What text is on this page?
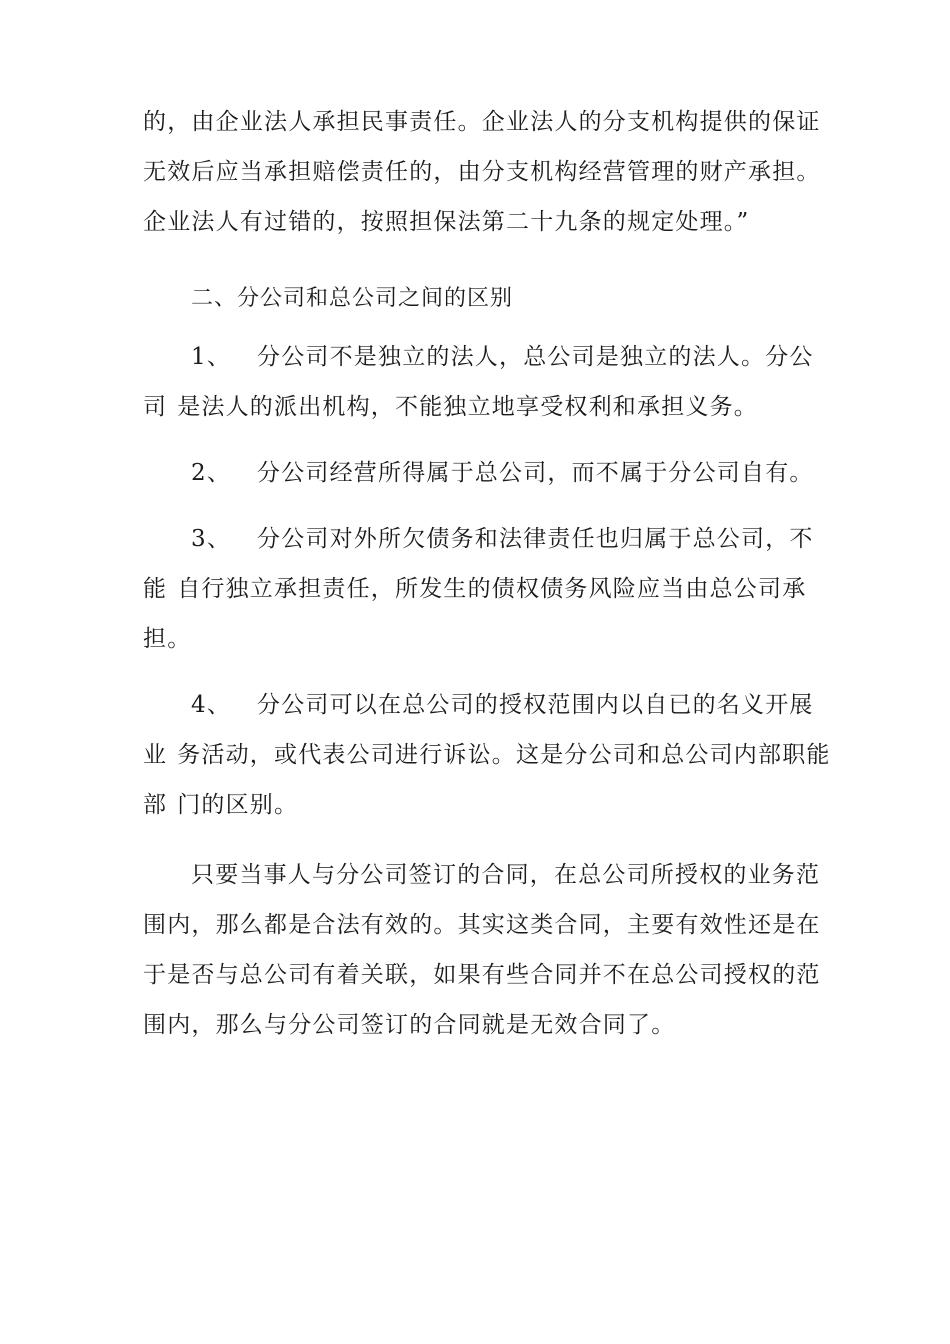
的，由企业法人承担民事责任。企业法人的分支机构提供的保证
无效后应当承担赔偿责任的，由分支机构经营管理的财产承担。
企业法人有过错的，按照担保法第二十九条的规定处理。”
二、分公司和总公司之间的区别
1、 分公司不是独立的法人，总公司是独立的法人。分公
司 是法人的派出机构，不能独立地享受权利和承担义务。
2、 分公司经营所得属于总公司，而不属于分公司自有。
3、 分公司对外所欠债务和法律责任也归属于总公司，不
能 自行独立承担责任，所发生的债权债务风险应当由总公司承
担。
4、 分公司可以在总公司的授权范围内以自已的名义开展
业 务活动，或代表公司进行诉讼。这是分公司和总公司内部职能
部 门的区别。
只要当事人与分公司签订的合同，在总公司所授权的业务范
围内，那么都是合法有效的。其实这类合同，主要有效性还是在
于是否与总公司有着关联，如果有些合同并不在总公司授权的范
围内，那么与分公司签订的合同就是无效合同了。
